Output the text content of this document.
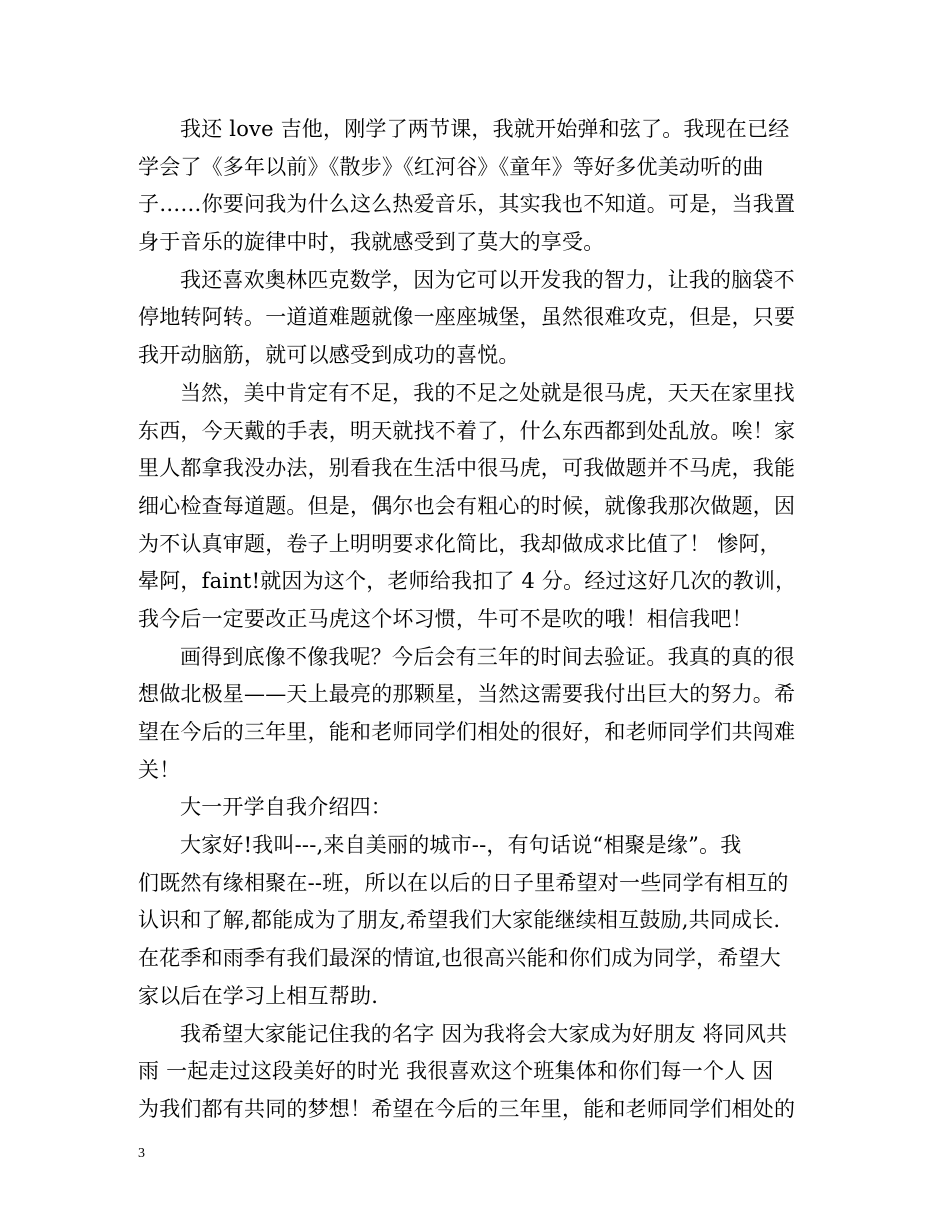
我还 love 吉他，刚学了两节课，我就开始弹和弦了。我现在已经
学会了《多年以前》《散步》《红河谷》《童年》等好多优美动听的曲
子……你要问我为什么这么热爱音乐，其实我也不知道。可是，当我置
身于音乐的旋律中时，我就感受到了莫大的享受。
我还喜欢奥林匹克数学，因为它可以开发我的智力，让我的脑袋不
停地转阿转。一道道难题就像一座座城堡，虽然很难攻克，但是，只要
我开动脑筋，就可以感受到成功的喜悦。
当然，美中肯定有不足，我的不足之处就是很马虎，天天在家里找
东西，今天戴的手表，明天就找不着了，什么东西都到处乱放。唉！家
里人都拿我没办法，别看我在生活中很马虎，可我做题并不马虎，我能
细心检查每道题。但是，偶尔也会有粗心的时候，就像我那次做题，因
为不认真审题，卷子上明明要求化简比，我却做成求比值了！ 惨阿，
晕阿，faint!就因为这个，老师给我扣了 4 分。经过这好几次的教训，
我今后一定要改正马虎这个坏习惯，牛可不是吹的哦！相信我吧！
画得到底像不像我呢？今后会有三年的时间去验证。我真的真的很
想做北极星——天上最亮的那颗星，当然这需要我付出巨大的努力。希
望在今后的三年里，能和老师同学们相处的很好，和老师同学们共闯难
关！
大一开学自我介绍四：
大家好!我叫---,来自美丽的城市--，有句话说“相聚是缘”。我
们既然有缘相聚在--班，所以在以后的日子里希望对一些同学有相互的
认识和了解,都能成为了朋友,希望我们大家能继续相互鼓励,共同成长.
在花季和雨季有我们最深的情谊,也很高兴能和你们成为同学，希望大
家以后在学习上相互帮助.
我希望大家能记住我的名字 因为我将会大家成为好朋友 将同风共
雨 一起走过这段美好的时光 我很喜欢这个班集体和你们每一个人 因
为我们都有共同的梦想！希望在今后的三年里，能和老师同学们相处的
3
